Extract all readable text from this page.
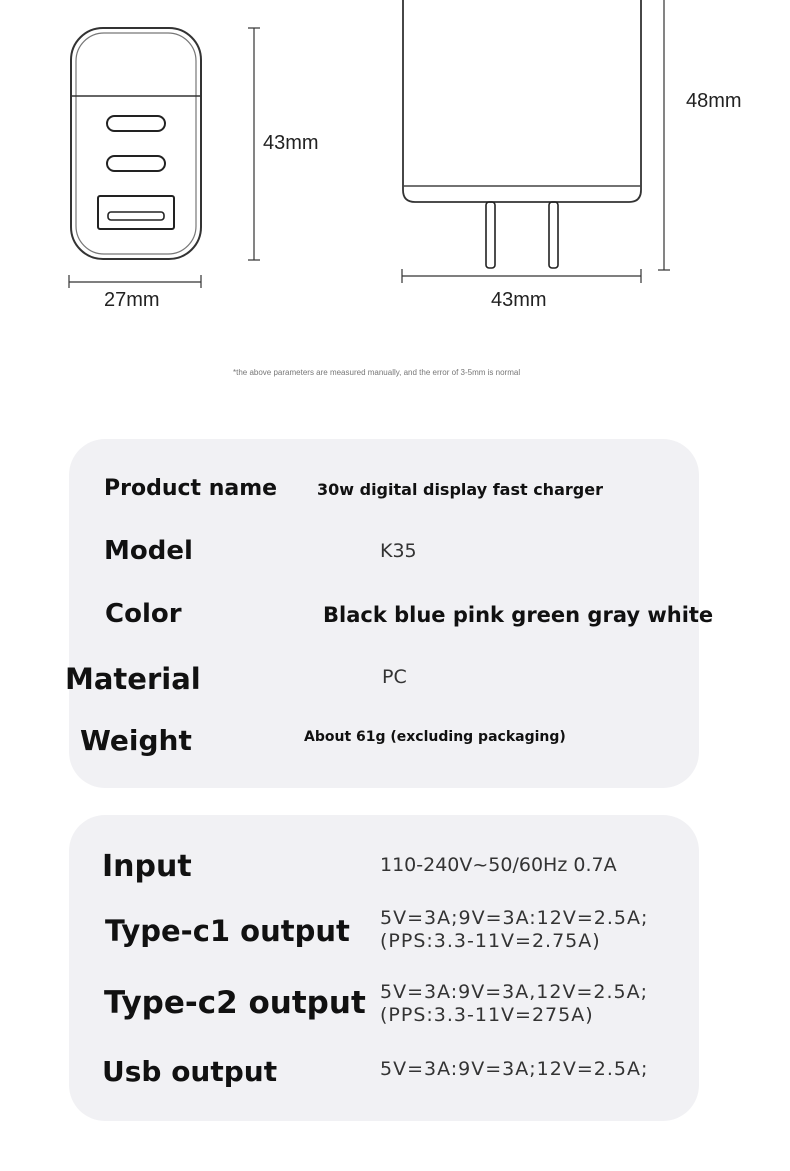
43mm
27mm
48mm
43mm
*the above parameters are measured manually, and the error of 3-5mm is normal
Product name 30w digital display fast charger
Model	K35
Color	Black blue pink green gray white
Material	PC
Weight	About 61g (excluding packaging)
Input	110-240V~50/60Hz 0.7A
Type-c1 output 5V=3A;9V=3A:12V=2.5A;
(PPS:3.3-11V=2.75A)
Type-c2 output 5V=3A:9V=3A,12V=2.5A;
(PPS:3.3-11V=275A)
Usb output	5V=3A:9V=3A;12V=2.5A;
